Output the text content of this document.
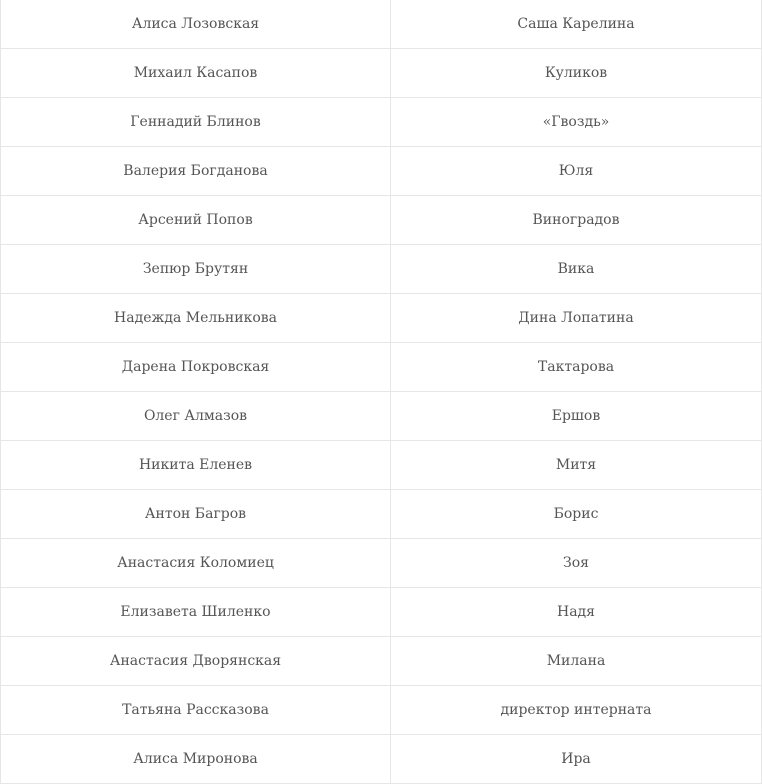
Алиса Лозовская	Саша Карелина
Михаил Касапов	Куликов
Геннадий Блинов	«Гвоздь»
Валерия Богданова	Юля
Арсений Попов	Виноградов
Зепюр Брутян	Вика
Надежда Мельникова	Дина Лопатина
Дарена Покровская	Тактарова
Олег Алмазов	Ершов
Никита Еленев	Митя
Антон Багров	Борис
Анастасия Коломиец	Зоя
Елизавета Шиленко	Надя
Анастасия Дворянская	Милана
Татьяна Рассказова	директор интерната
Алиса Миронова	Ира
